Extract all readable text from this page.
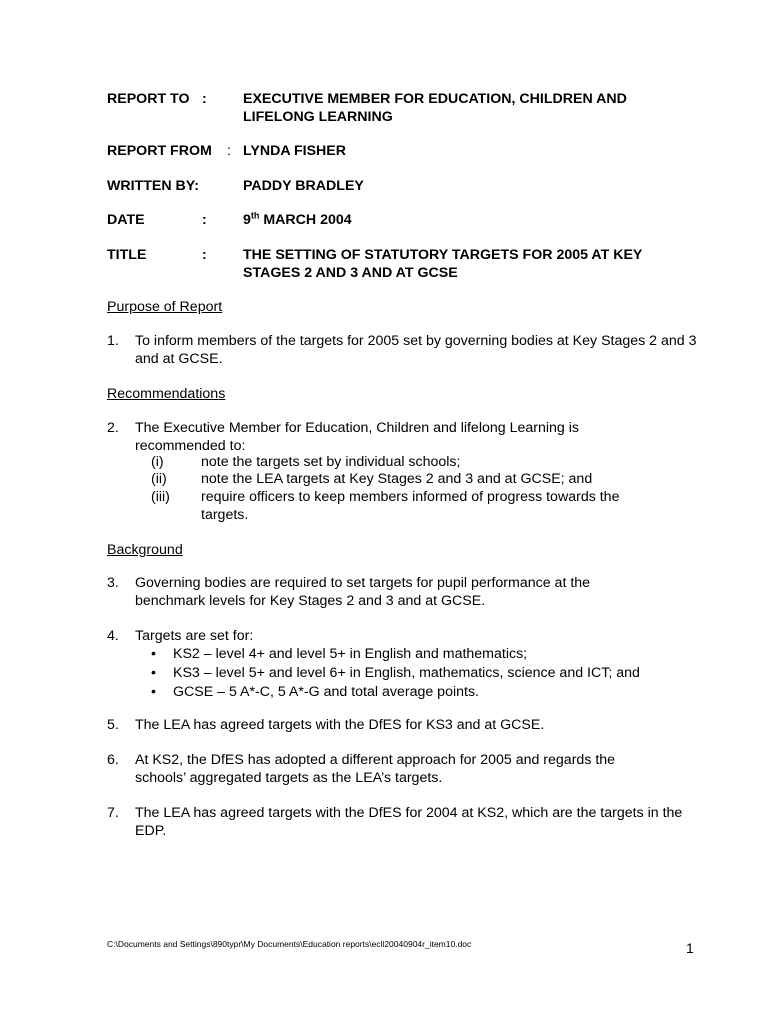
REPORT TO :	EXECUTIVE MEMBER FOR EDUCATION, CHILDREN AND LIFELONG LEARNING
REPORT FROM : LYNDA FISHER
WRITTEN BY:	PADDY BRADLEY
DATE	:	9th MARCH 2004
TITLE	:	THE SETTING OF STATUTORY TARGETS FOR 2005 AT KEY STAGES 2 AND 3 AND AT GCSE
Purpose of Report
1. To inform members of the targets for 2005 set by governing bodies at Key Stages 2 and 3 and at GCSE.
Recommendations
2. The Executive Member for Education, Children and lifelong Learning is recommended to:
(i)	note the targets set by individual schools;
(ii) note the LEA targets at Key Stages 2 and 3 and at GCSE; and
(iii) require officers to keep members informed of progress towards the targets.
Background
3. Governing bodies are required to set targets for pupil performance at the benchmark levels for Key Stages 2 and 3 and at GCSE.
4. Targets are set for:
• KS2 – level 4+ and level 5+ in English and mathematics;
• KS3 – level 5+ and level 6+ in English, mathematics, science and ICT; and
• GCSE – 5 A*-C, 5 A*-G and total average points.
5. The LEA has agreed targets with the DfES for KS3 and at GCSE.
6. At KS2, the DfES has adopted a different approach for 2005 and regards the schools’ aggregated targets as the LEA’s targets.
7. The LEA has agreed targets with the DfES for 2004 at KS2, which are the targets in the EDP.
C:\Documents and Settings\890typr\My Documents\Education reports\ecll20040904r_item10.doc	1
